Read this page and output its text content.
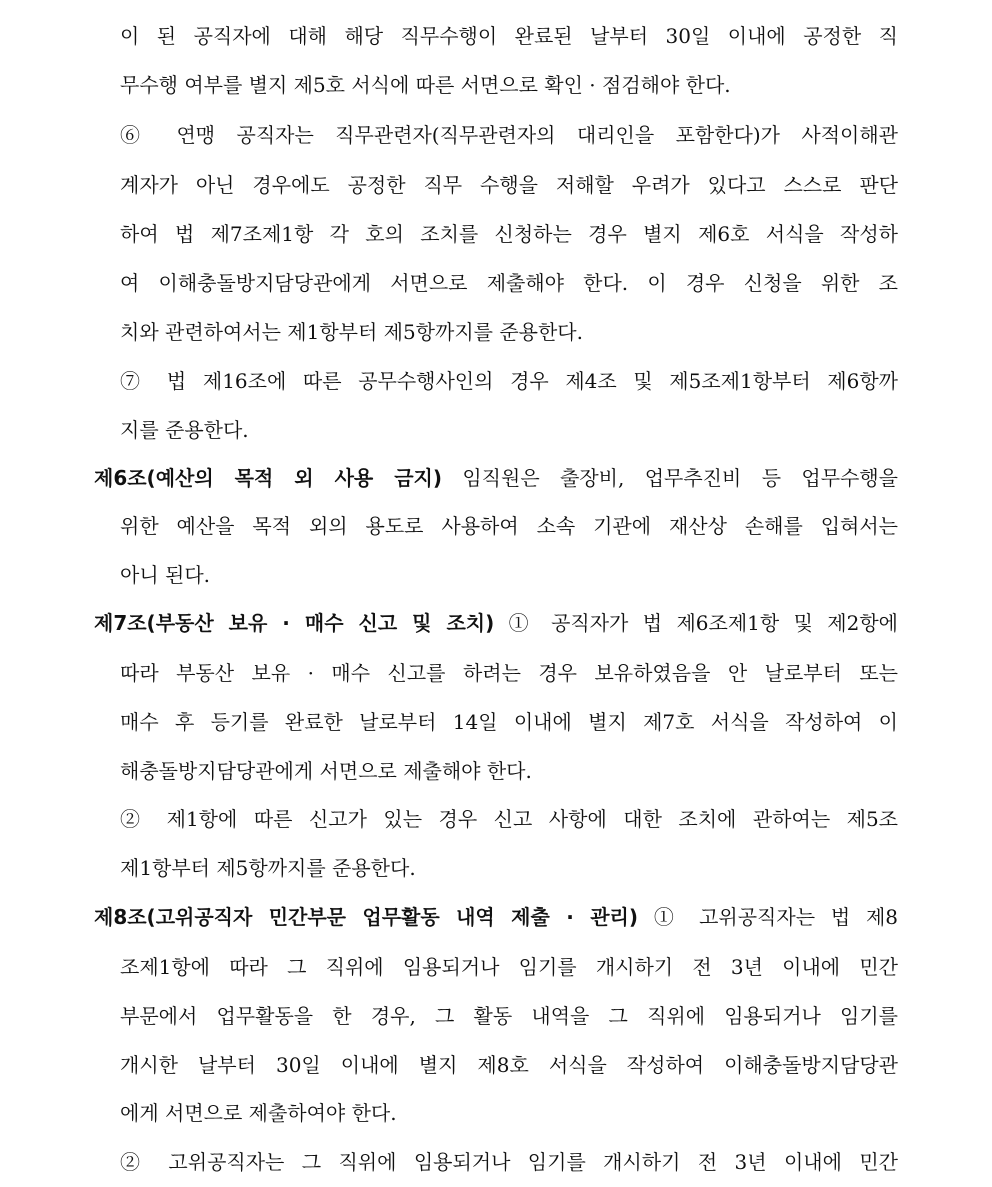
이 된 공직자에 대해 해당 직무수행이 완료된 날부터 30일 이내에 공정한 직
무수행 여부를 별지 제5호 서식에 따른 서면으로 확인 · 점검해야 한다.
⑥ 연맹 공직자는 직무관련자(직무관련자의 대리인을 포함한다)가 사적이해관
계자가 아닌 경우에도 공정한 직무 수행을 저해할 우려가 있다고 스스로 판단
하여 법 제7조제1항 각 호의 조치를 신청하는 경우 별지 제6호 서식을 작성하
여 이해충돌방지담당관에게 서면으로 제출해야 한다. 이 경우 신청을 위한 조
치와 관련하여서는 제1항부터 제5항까지를 준용한다.
⑦ 법 제16조에 따른 공무수행사인의 경우 제4조 및 제5조제1항부터 제6항까
지를 준용한다.
제6조(예산의 목적 외 사용 금지) 임직원은 출장비, 업무추진비 등 업무수행을
위한 예산을 목적 외의 용도로 사용하여 소속 기관에 재산상 손해를 입혀서는
아니 된다.
제7조(부동산 보유 · 매수 신고 및 조치) ① 공직자가 법 제6조제1항 및 제2항에
따라 부동산 보유 · 매수 신고를 하려는 경우 보유하였음을 안 날로부터 또는
매수 후 등기를 완료한 날로부터 14일 이내에 별지 제7호 서식을 작성하여 이
해충돌방지담당관에게 서면으로 제출해야 한다.
② 제1항에 따른 신고가 있는 경우 신고 사항에 대한 조치에 관하여는 제5조
제1항부터 제5항까지를 준용한다.
제8조(고위공직자 민간부문 업무활동 내역 제출 · 관리) ① 고위공직자는 법 제8
조제1항에 따라 그 직위에 임용되거나 임기를 개시하기 전 3년 이내에 민간
부문에서 업무활동을 한 경우, 그 활동 내역을 그 직위에 임용되거나 임기를
개시한 날부터 30일 이내에 별지 제8호 서식을 작성하여 이해충돌방지담당관
에게 서면으로 제출하여야 한다.
② 고위공직자는 그 직위에 임용되거나 임기를 개시하기 전 3년 이내에 민간
